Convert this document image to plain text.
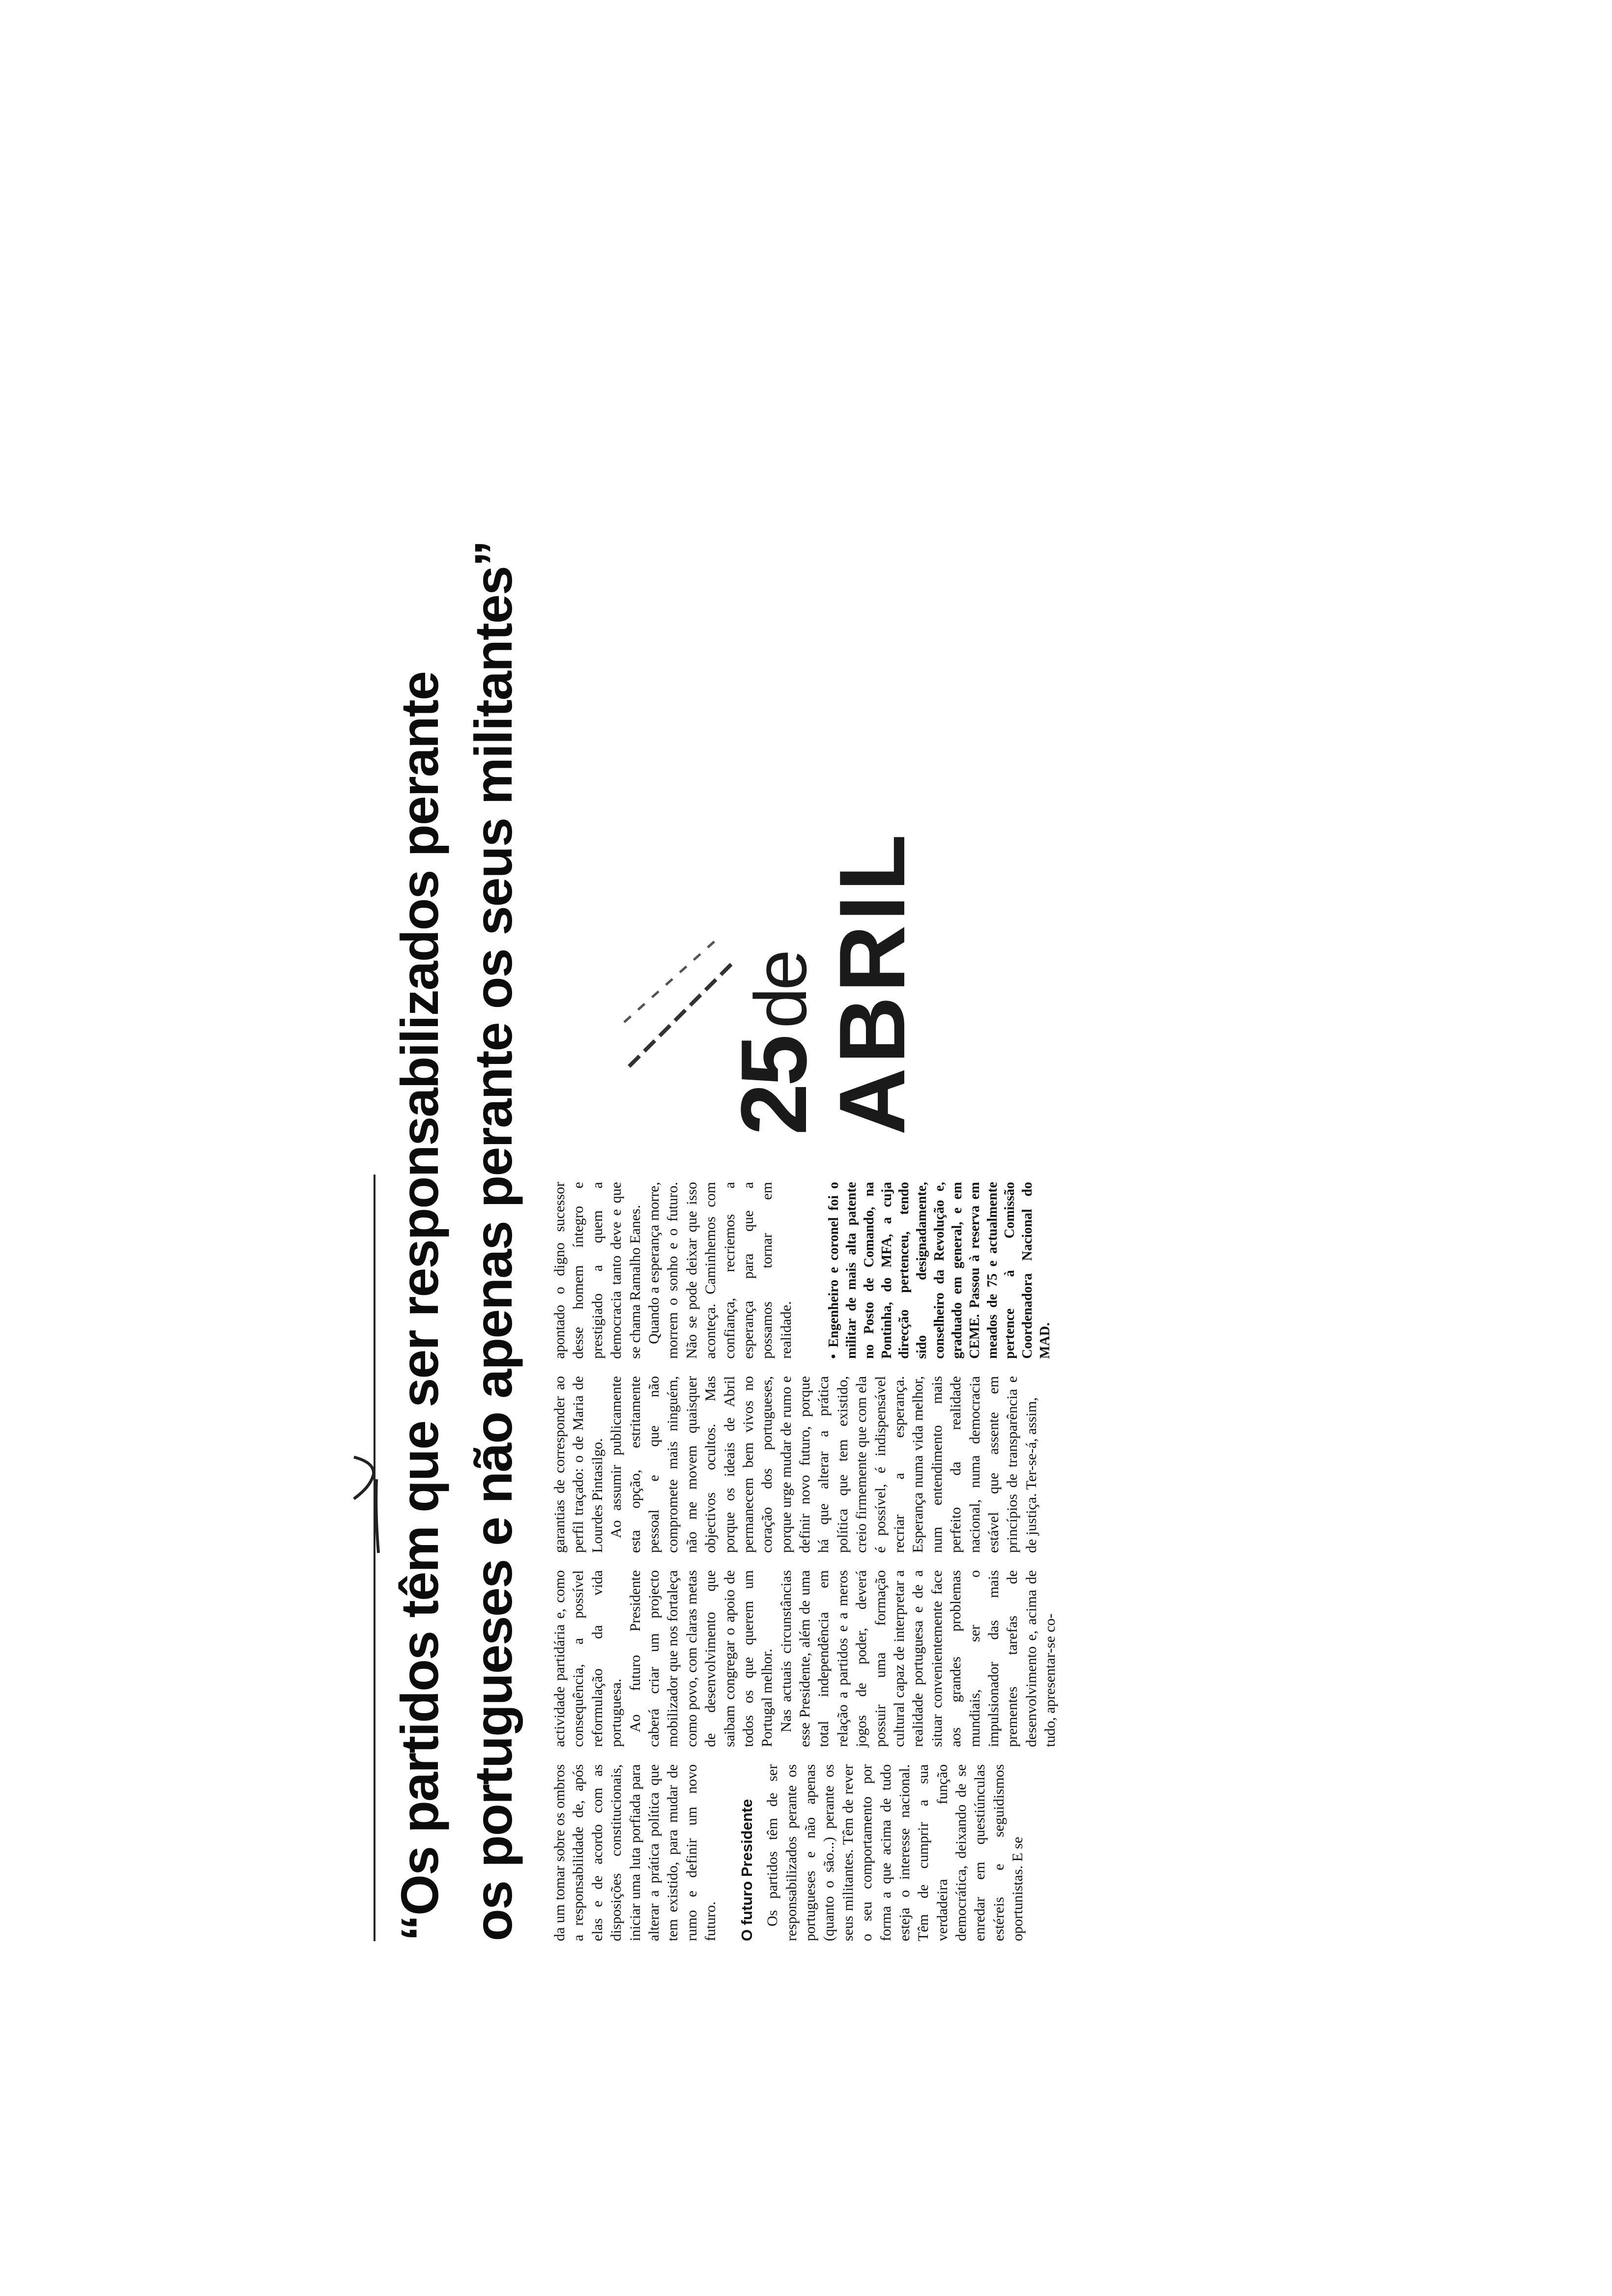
“Os partidos têm que ser responsabilizados perante os portugueses e não apenas perante os seus militantes” da um tomar sobre os ombros a responsabilidade de, após elas e de acordo com as disposições constitucionais, iniciar uma luta porfiada para alterar a prática política que tem existido, para mudar de rumo e definir um novo futuro. O futuro Presidente Os partidos têm de ser responsabilizados perante os portugueses e não apenas (quanto o são...) perante os seus militantes. Têm de rever o seu comportamento por forma a que acima de tudo esteja o interesse nacional. Têm de cumprir a sua verdadeira função democrática, deixando de se enredar em questiúnculas estéreis e seguidismos oportunistas. E se

actividade partidária e, como consequência, a possível reformulação da vida portuguesa. Ao futuro Presidente caberá criar um projecto mobilizador que nos fortaleça como povo, com claras metas de desenvolvimento que saibam congregar o apoio de todos os que querem um Portugal melhor. Nas actuais circunstâncias esse Presidente, além de uma total independência em relação a partidos e a meros jogos de poder, deverá possuir uma formação cultural capaz de interpretar a realidade portuguesa e de a situar convenientemente face aos grandes problemas mundiais, ser o impulsionador das mais prementes tarefas de desenvolvimento e, acima de tudo, apresentar-se co-

garantias de corresponder ao perfil traçado: o de Maria de Lourdes Pintasilgo. Ao assumir publicamente esta opção, estritamente pessoal e que não compromete mais ninguém, não me movem quaisquer objectivos ocultos. Mas porque os ideais de Abril permanecem bem vivos no coração dos portugueses, porque urge mudar de rumo e definir novo futuro, porque há que alterar a prática política que tem existido, creio firmemente que com ela é possível, é indispensável recriar a esperança. Esperança numa vida melhor, num entendimento mais perfeito da realidade nacional, numa democracia estável que assente em princípios de transparência e de justiça. Ter-se-á, assim,

apontado o digno sucessor desse homem íntegro e prestigiado a quem a democracia tanto deve e que se chama Ramalho Eanes. Quando a esperança morre, morrem o sonho e o futuro. Não se pode deixar que isso aconteça. Caminhemos com confiança, recriemos a esperança para que a possamos tornar em realidade. • Engenheiro e coronel foi o militar de mais alta patente no Posto de Comando, na Pontinha, do MFA, a cuja direcção pertenceu, tendo sido designadamente, conselheiro da Revolução e, graduado em general, e em CEME. Passou à reserva em meados de 75 e actualmente pertence à Comissão Coordenadora Nacional do MAD.

25de
ABRIL
